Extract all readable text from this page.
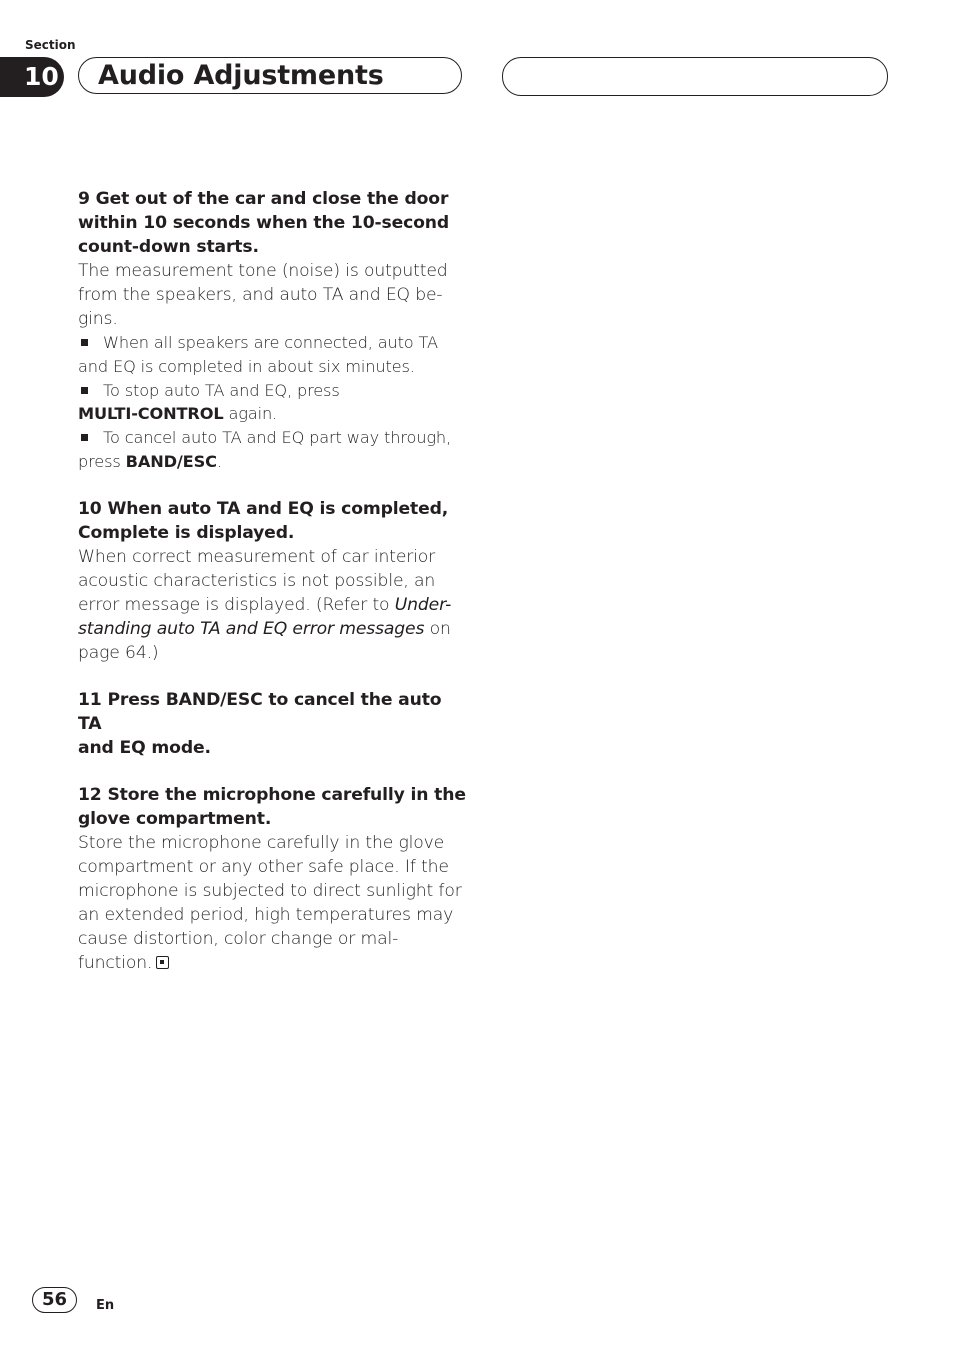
Section
10 Audio Adjustments

9 Get out of the car and close the door
within 10 seconds when the 10-second
count-down starts.

The measurement tone (noise) is outputted
from the speakers, and auto TA and EQ be-
gins.

When all speakers are connected, auto TA
and EQ is completed in about six minutes.

To stop auto TA and EQ, press
MULTI-CONTROL again.

To cancel auto TA and EQ part way through,
press BAND/ESC.

10 When auto TA and EQ is completed,
Complete is displayed.

When correct measurement of car interior
acoustic characteristics is not possible, an
error message is displayed. (Refer to Under-
standing auto TA and EQ error messages on
page 64.)

11 Press BAND/ESC to cancel the auto TA
and EQ mode.

12 Store the microphone carefully in the
glove compartment.

Store the microphone carefully in the glove
compartment or any other safe place. If the
microphone is subjected to direct sunlight for
an extended period, high temperatures may
cause distortion, color change or mal-
function.

56	En
